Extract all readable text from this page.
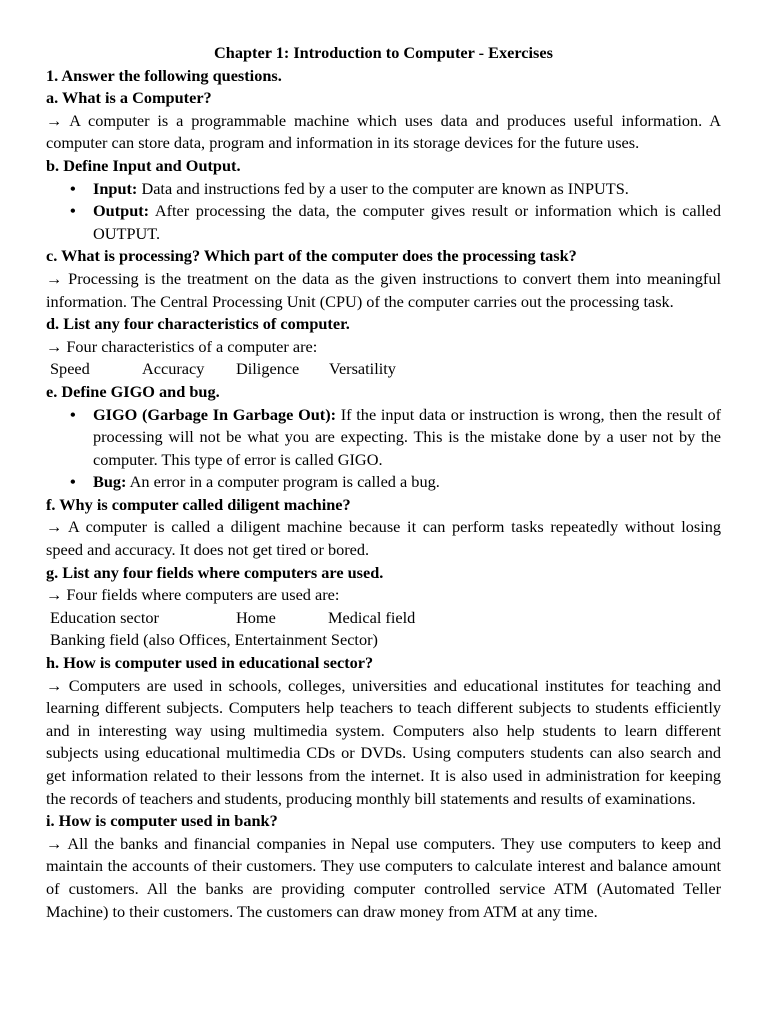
Chapter 1: Introduction to Computer - Exercises
1. Answer the following questions.
a. What is a Computer?

→ A computer is a programmable machine which uses data and produces useful information. A computer can store data, program and information in its storage devices for the future uses.

b. Define Input and Output.
• Input: Data and instructions fed by a user to the computer are known as INPUTS.
• Output: After processing the data, the computer gives result or information which is called OUTPUT.
c. What is processing? Which part of the computer does the processing task?

→ Processing is the treatment on the data as the given instructions to convert them into meaningful information. The Central Processing Unit (CPU) of the computer carries out the processing task.

d. List any four characteristics of computer.

→ Four characteristics of a computer are:

Speed	Accuracy	Diligence	Versatility
e. Define GIGO and bug.
• GIGO (Garbage In Garbage Out): If the input data or instruction is wrong, then the result of processing will not be what you are expecting. This is the mistake done by a user not by the computer. This type of error is called GIGO.
• Bug: An error in a computer program is called a bug.
f. Why is computer called diligent machine?

→ A computer is called a diligent machine because it can perform tasks repeatedly without losing speed and accuracy. It does not get tired or bored.

g. List any four fields where computers are used.

→ Four fields where computers are used are:

Education sector	Home	Medical field
Banking field (also Offices, Entertainment Sector)
h. How is computer used in educational sector?

→ Computers are used in schools, colleges, universities and educational institutes for teaching and learning different subjects. Computers help teachers to teach different subjects to students efficiently and in interesting way using multimedia system. Computers also help students to learn different subjects using educational multimedia CDs or DVDs. Using computers students can also search and get information related to their lessons from the internet. It is also used in administration for keeping the records of teachers and students, producing monthly bill statements and results of examinations.

i. How is computer used in bank?

→ All the banks and financial companies in Nepal use computers. They use computers to keep and maintain the accounts of their customers. They use computers to calculate interest and balance amount of customers. All the banks are providing computer controlled service ATM (Automated Teller Machine) to their customers. The customers can draw money from ATM at any time.
